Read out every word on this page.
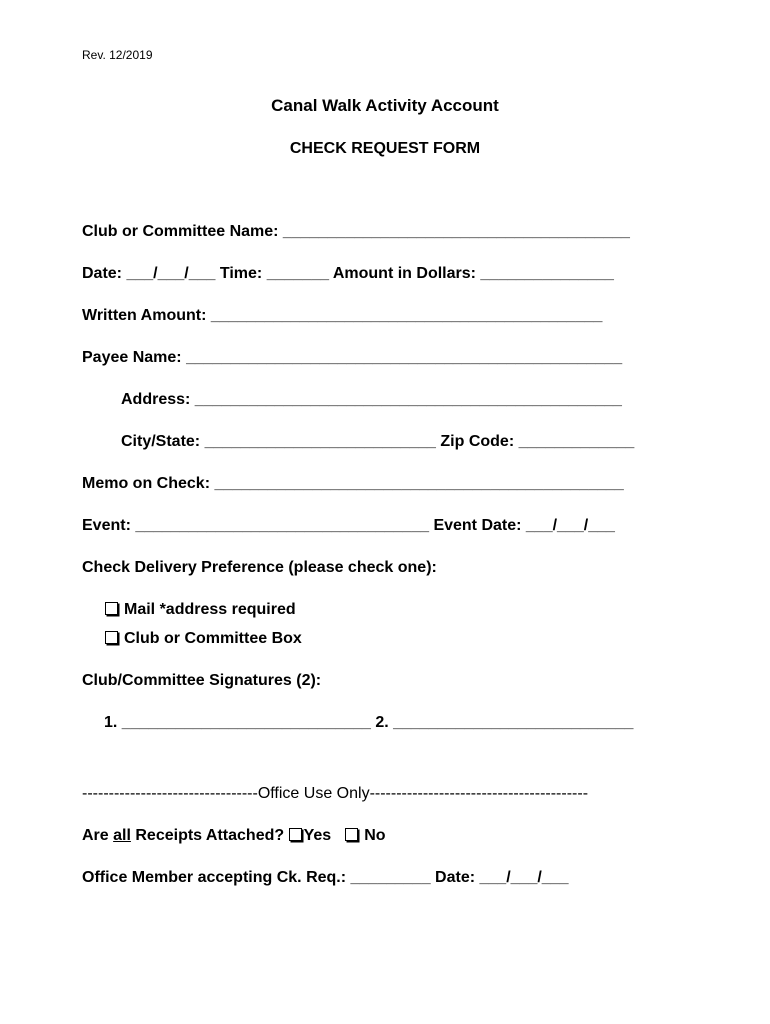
Rev. 12/2019
Canal Walk Activity Account
CHECK REQUEST FORM
Club or Committee Name: _______________________________________
Date: ___/___/___ Time: _______ Amount in Dollars: _______________
Written Amount: ____________________________________________
Payee Name: _________________________________________________
Address: ________________________________________________
City/State: __________________________ Zip Code: _____________
Memo on Check: ______________________________________________
Event: _________________________________ Event Date: ___/___/___
Check Delivery Preference (please check one):
Mail *address required
Club or Committee Box
Club/Committee Signatures (2):
1. ____________________________ 2. ___________________________
---------------------------------Office Use Only-----------------------------------------
Are all Receipts Attached? Yes No
Office Member accepting Ck. Req.: _________ Date: ___/___/___
